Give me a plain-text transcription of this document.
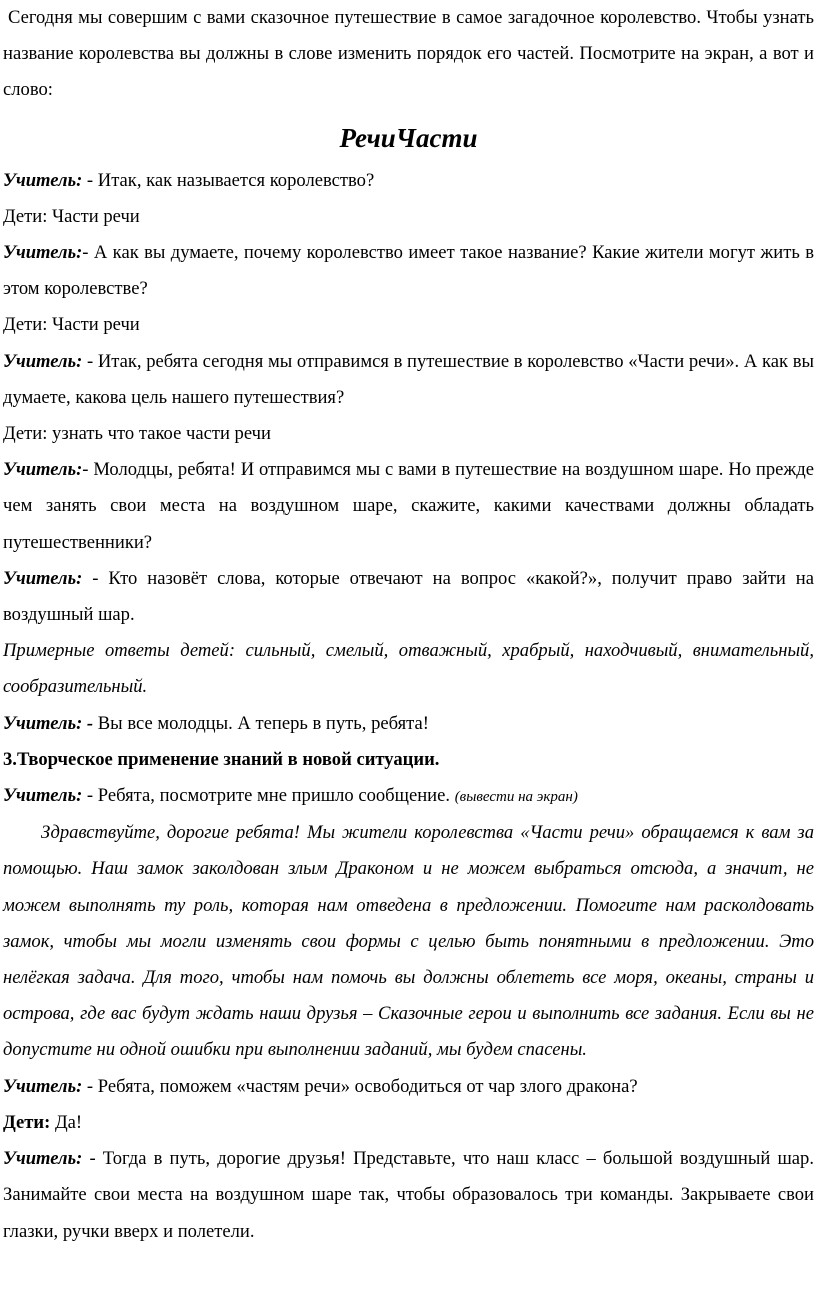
Сегодня мы совершим с вами сказочное путешествие в самое загадочное королевство. Чтобы узнать название королевства вы должны в слове изменить порядок его частей. Посмотрите на экран, а вот и слово:

РечиЧасти

Учитель: - Итак, как называется королевство?

Дети: Части речи

Учитель:- А как вы думаете, почему королевство имеет такое название? Какие жители могут жить в этом королевстве?

Дети: Части речи

Учитель: - Итак, ребята сегодня мы отправимся в путешествие в королевство «Части речи». А как вы думаете, какова цель нашего путешествия?

Дети: узнать что такое части речи

Учитель:- Молодцы, ребята! И отправимся мы с вами в путешествие на воздушном шаре. Но прежде чем занять свои места на воздушном шаре, скажите, какими качествами должны обладать путешественники?

Учитель: - Кто назовёт слова, которые отвечают на вопрос «какой?», получит право зайти на воздушный шар.

Примерные ответы детей: сильный, смелый, отважный, храбрый, находчивый, внимательный, сообразительный.

Учитель: - Вы все молодцы. А теперь в путь, ребята!

3.Творческое применение знаний в новой ситуации.

Учитель: - Ребята, посмотрите мне пришло сообщение. (вывести на экран)

Здравствуйте, дорогие ребята! Мы жители королевства «Части речи» обращаемся к вам за помощью. Наш замок заколдован злым Драконом и не можем выбраться отсюда, а значит, не можем выполнять ту роль, которая нам отведена в предложении. Помогите нам расколдовать замок, чтобы мы могли изменять свои формы с целью быть понятными в предложении. Это нелёгкая задача. Для того, чтобы нам помочь вы должны облететь все моря, океаны, страны и острова, где вас будут ждать наши друзья – Сказочные герои и выполнить все задания. Если вы не допустите ни одной ошибки при выполнении заданий, мы будем спасены.

Учитель: - Ребята, поможем «частям речи» освободиться от чар злого дракона?

Дети: Да!

Учитель: - Тогда в путь, дорогие друзья! Представьте, что наш класс – большой воздушный шар. Занимайте свои места на воздушном шаре так, чтобы образовалось три команды. Закрываете свои глазки, ручки вверх и полетели.
